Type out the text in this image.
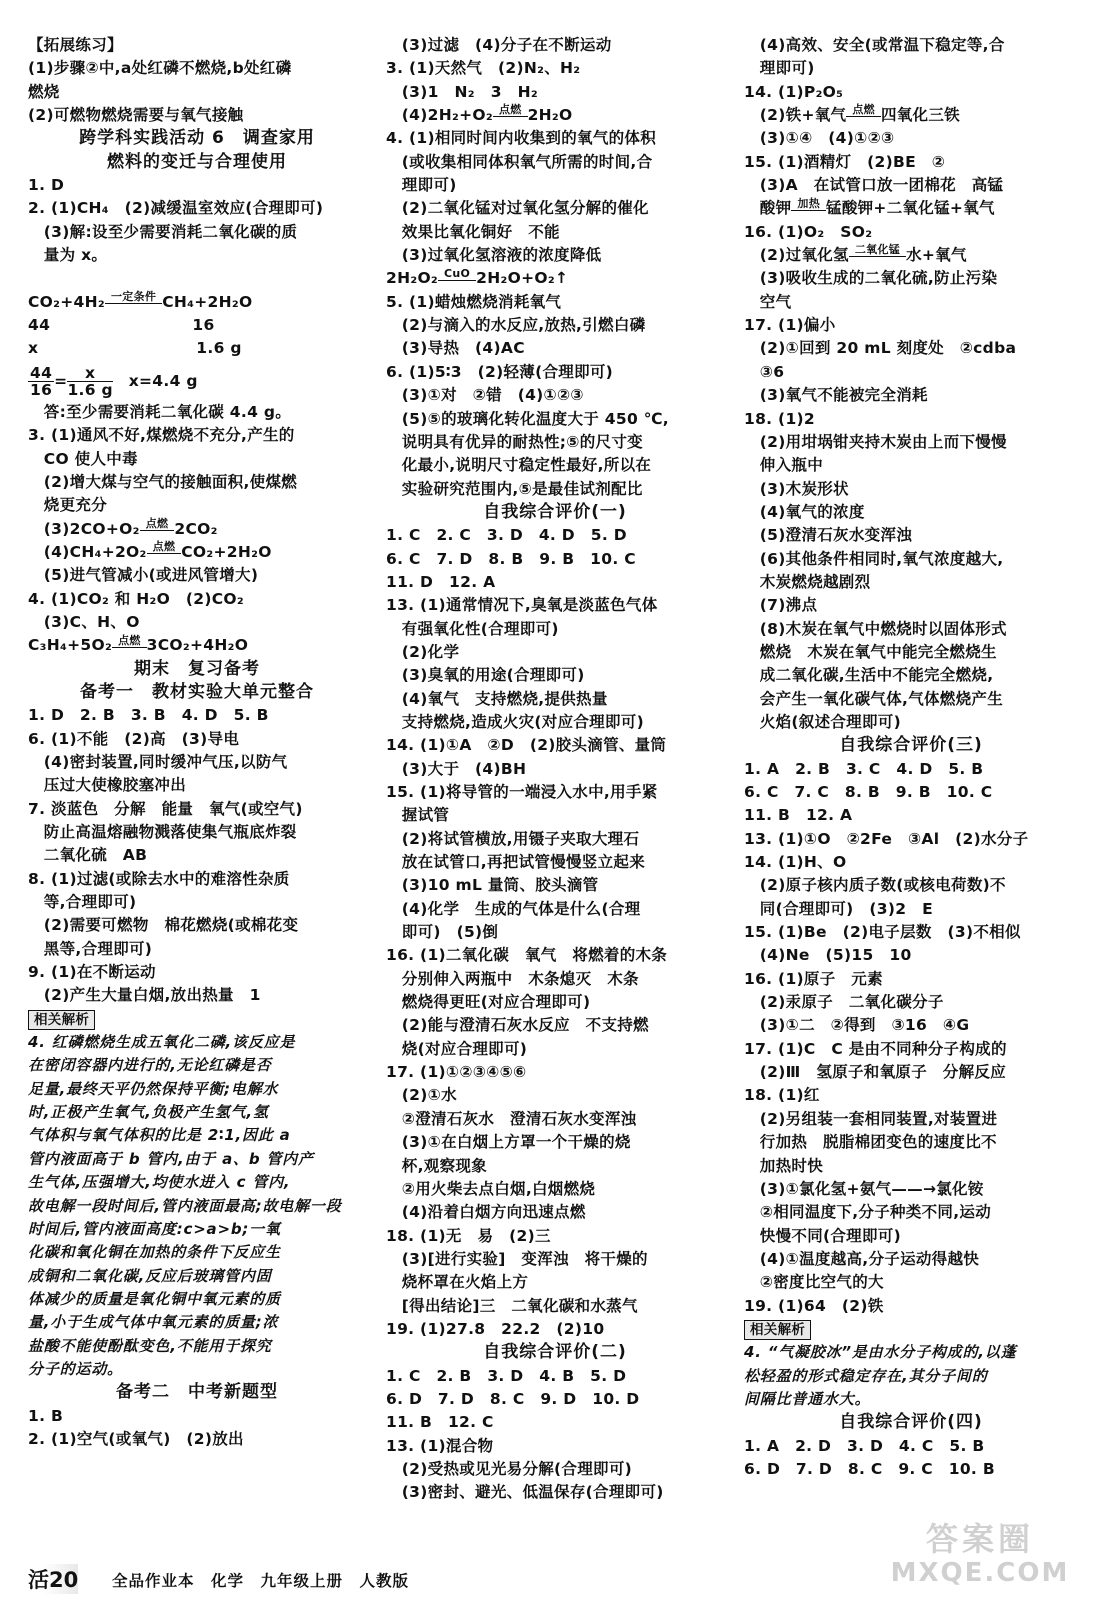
【拓展练习】
(1)步骤②中,a处红磷不燃烧,b处红磷
燃烧
(2)可燃物燃烧需要与氧气接触
跨学科实践活动 6　调查家用
燃料的变迁与合理使用
1. D
2. (1)CH₄　(2)减缓温室效应(合理即可)
　(3)解:设至少需要消耗二氧化碳的质
　量为 x。
CO₂+4H₂ 一定条件 CH₄+2H₂O
44　　　　　　　　　16
x　　　　　　　　　　1.6 g
$\frac{44}{16} = \frac{x}{1.6 g}$ 　x=4.4 g
　答:至少需要消耗二氧化碳 4.4 g。
3. (1)通风不好,煤燃烧不充分,产生的
　CO 使人中毒
　(2)增大煤与空气的接触面积,使煤燃
　烧更充分
　(3)2CO+O₂ 点燃 2CO₂
　(4)CH₄+2O₂ 点燃 CO₂+2H₂O
　(5)进气管减小(或进风管增大)
4. (1)CO₂ 和 H₂O　(2)CO₂
　(3)C、H、O
C₃H₄+5O₂ 点燃 3CO₂+4H₂O
期末　复习备考
备考一　教材实验大单元整合
1. D　2. B　3. B　4. D　5. B
6. (1)不能　(2)高　(3)导电
　(4)密封装置,同时缓冲气压,以防气
　压过大使橡胶塞冲出
7. 淡蓝色　分解　能量　氧气(或空气)
　防止高温熔融物溅落使集气瓶底炸裂
　二氧化硫　AB
8. (1)过滤(或除去水中的难溶性杂质
　等,合理即可)
　(2)需要可燃物　棉花燃烧(或棉花变
　黑等,合理即可)
9. (1)在不断运动
　(2)产生大量白烟,放出热量　1
相关解析
4. 红磷燃烧生成五氧化二磷,该反应是
在密闭容器内进行的,无论红磷是否
足量,最终天平仍然保持平衡;电解水
时,正极产生氧气,负极产生氢气,氢
气体积与氧气体积的比是 2∶1,因此 a
管内液面高于 b 管内,由于 a、b 管内产
生气体,压强增大,均使水进入 c 管内,
故电解一段时间后,管内液面最高;故电解一段
时间后,管内液面高度:c>a>b;一氧
化碳和氧化铜在加热的条件下反应生
成铜和二氧化碳,反应后玻璃管内固
体减少的质量是氧化铜中氧元素的质
量,小于生成气体中氧元素的质量;浓
盐酸不能使酚酞变色,不能用于探究
分子的运动。
备考二　中考新题型
1. B
2. (1)空气(或氧气)　(2)放出
　(3)过滤　(4)分子在不断运动
3. (1)天然气　(2)N₂、H₂
　(3)1　N₂　3　H₂
　(4)2H₂+O₂ 点燃 2H₂O
4. (1)相同时间内收集到的氧气的体积
　(或收集相同体积氧气所需的时间,合
　理即可)
　(2)二氧化锰对过氧化氢分解的催化
　效果比氧化铜好　不能
　(3)过氧化氢溶液的浓度降低
2H₂O₂ CuO 2H₂O+O₂↑
5. (1)蜡烛燃烧消耗氧气
　(2)与滴入的水反应,放热,引燃白磷
　(3)导热　(4)AC
6. (1)5∶3　(2)轻薄(合理即可)
　(3)①对　②错　(4)①②③
　(5)⑤的玻璃化转化温度大于 450 ℃,
　说明具有优异的耐热性;⑤的尺寸变
　化最小,说明尺寸稳定性最好,所以在
　实验研究范围内,⑤是最佳试剂配比
自我综合评价(一)
1. C　2. C　3. D　4. D　5. D
6. C　7. D　8. B　9. B　10. C
11. D　12. A
13. (1)通常情况下,臭氧是淡蓝色气体
　有强氧化性(合理即可)
　(2)化学
　(3)臭氧的用途(合理即可)
　(4)氧气　支持燃烧,提供热量
　支持燃烧,造成火灾(对应合理即可)
14. (1)①A　②D　(2)胶头滴管、量筒
　(3)大于　(4)BH
15. (1)将导管的一端浸入水中,用手紧
　握试管
　(2)将试管横放,用镊子夹取大理石
　放在试管口,再把试管慢慢竖立起来
　(3)10 mL 量筒、胶头滴管
　(4)化学　生成的气体是什么(合理
　即可)　(5)倒
16. (1)二氧化碳　氧气　将燃着的木条
　分别伸入两瓶中　木条熄灭　木条
　燃烧得更旺(对应合理即可)
　(2)能与澄清石灰水反应　不支持燃
　烧(对应合理即可)
17. (1)①②③④⑤⑥
　(2)①水
　②澄清石灰水　澄清石灰水变浑浊
　(3)①在白烟上方罩一个干燥的烧
　杯,观察现象
　②用火柴去点白烟,白烟燃烧
　(4)沿着白烟方向迅速点燃
18. (1)无　易　(2)三
　(3)[进行实验]　变浑浊　将干燥的
　烧杯罩在火焰上方
　[得出结论]三　二氧化碳和水蒸气
19. (1)27.8　22.2　(2)10
自我综合评价(二)
1. C　2. B　3. D　4. B　5. D
6. D　7. D　8. C　9. D　10. D
11. B　12. C
13. (1)混合物
　(2)受热或见光易分解(合理即可)
　(3)密封、避光、低温保存(合理即可)
　(4)高效、安全(或常温下稳定等,合
　理即可)
14. (1)P₂O₅
　(2)铁+氧气 点燃 四氧化三铁
　(3)①④　(4)①②③
15. (1)酒精灯　(2)BE　②
　(3)A　在试管口放一团棉花　高锰
　酸钾 加热 锰酸钾+二氧化锰+氧气
16. (1)O₂　SO₂
　(2)过氧化氢 二氧化锰 水+氧气
　(3)吸收生成的二氧化硫,防止污染
　空气
17. (1)偏小
　(2)①回到 20 mL 刻度处　②cdba
　③6
　(3)氧气不能被完全消耗
18. (1)2
　(2)用坩埚钳夹持木炭由上而下慢慢
　伸入瓶中
　(3)木炭形状
　(4)氧气的浓度
　(5)澄清石灰水变浑浊
　(6)其他条件相同时,氧气浓度越大,
　木炭燃烧越剧烈
　(7)沸点
　(8)木炭在氧气中燃烧时以固体形式
　燃烧　木炭在氧气中能完全燃烧生
　成二氧化碳,生活中不能完全燃烧,
　会产生一氧化碳气体,气体燃烧产生
　火焰(叙述合理即可)
自我综合评价(三)
1. A　2. B　3. C　4. D　5. B
6. C　7. C　8. B　9. B　10. C
11. B　12. A
13. (1)①O　②2Fe　③Al　(2)水分子
14. (1)H、O
　(2)原子核内质子数(或核电荷数)不
　同(合理即可)　(3)2　E
15. (1)Be　(2)电子层数　(3)不相似
　(4)Ne　(5)15　10
16. (1)原子　元素
　(2)汞原子　二氧化碳分子
　(3)①二　②得到　③16　④G
17. (1)C　C 是由不同种分子构成的
　(2)Ⅲ　氢原子和氧原子　分解反应
18. (1)红
　(2)另组装一套相同装置,对装置进
　行加热　脱脂棉团变色的速度比不
　加热时快
　(3)①氯化氢+氨气——→氯化铵
　②相同温度下,分子种类不同,运动
　快慢不同(合理即可)
　(4)①温度越高,分子运动得越快
　②密度比空气的大
19. (1)64　(2)铁
相关解析
4. “气凝胶冰”是由水分子构成的,以蓬
松轻盈的形式稳定存在,其分子间的
间隔比普通水大。
自我综合评价(四)
1. A　2. D　3. D　4. C　5. B
6. D　7. D　8. C　9. C　10. B
活20 全品作业本　化学　九年级上册　人教版
答案圈
MXQE.COM
